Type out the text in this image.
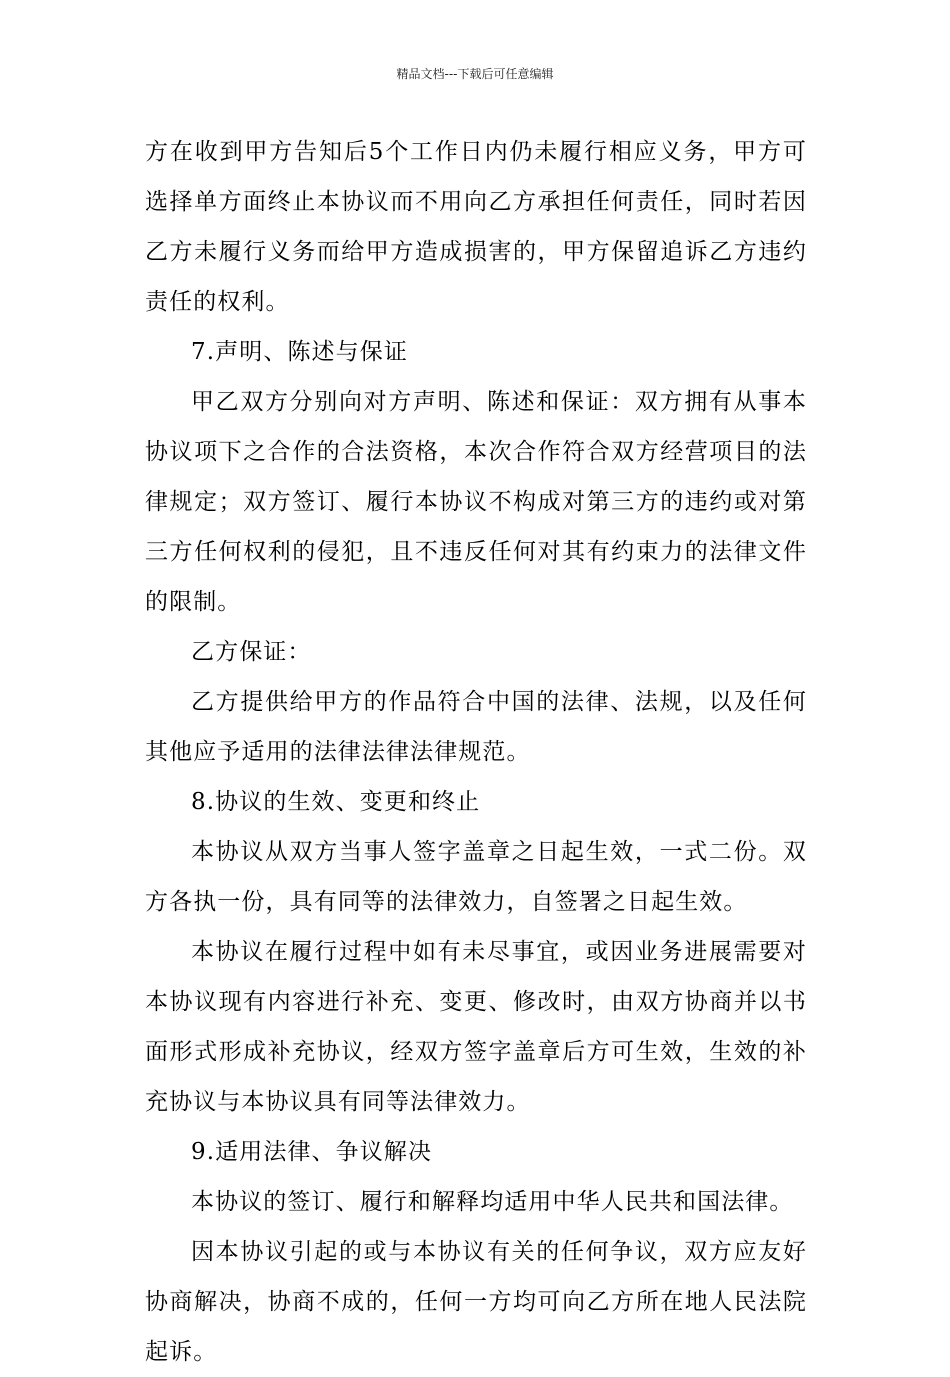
精品文档---下载后可任意编辑

方在收到甲方告知后5个工作日内仍未履行相应义务，甲方可选择单方面终止本协议而不用向乙方承担任何责任，同时若因乙方未履行义务而给甲方造成损害的，甲方保留追诉乙方违约责任的权利。

7.声明、陈述与保证

甲乙双方分别向对方声明、陈述和保证：双方拥有从事本协议项下之合作的合法资格，本次合作符合双方经营项目的法律规定；双方签订、履行本协议不构成对第三方的违约或对第三方任何权利的侵犯，且不违反任何对其有约束力的法律文件的限制。

乙方保证：

乙方提供给甲方的作品符合中国的法律、法规，以及任何其他应予适用的法律法律法律规范。

8.协议的生效、变更和终止

本协议从双方当事人签字盖章之日起生效，一式二份。双方各执一份，具有同等的法律效力，自签署之日起生效。

本协议在履行过程中如有未尽事宜，或因业务进展需要对本协议现有内容进行补充、变更、修改时，由双方协商并以书面形式形成补充协议，经双方签字盖章后方可生效，生效的补充协议与本协议具有同等法律效力。

9.适用法律、争议解决

本协议的签订、履行和解释均适用中华人民共和国法律。

因本协议引起的或与本协议有关的任何争议，双方应友好协商解决，协商不成的，任何一方均可向乙方所在地人民法院起诉。
